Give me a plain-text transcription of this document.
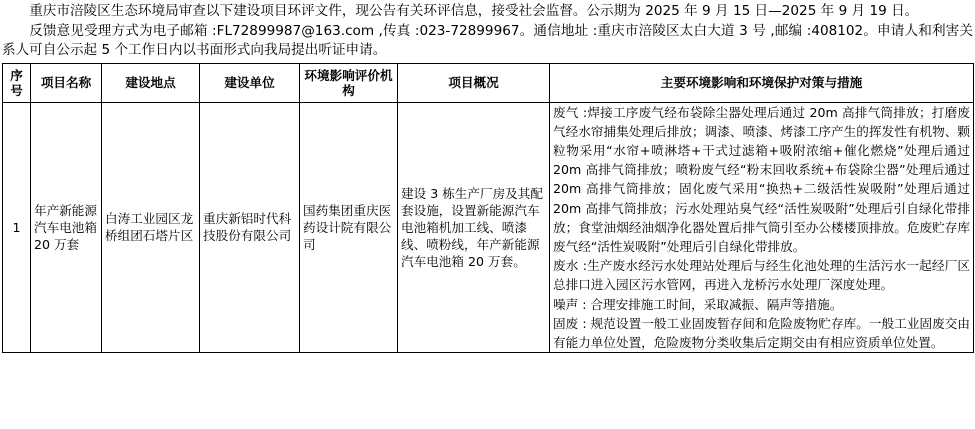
重庆市涪陵区生态环境局审查以下建设项目环评文件，现公告有关环评信息，接受社会监督。公示期为 2025 年 9 月 15 日—2025 年 9 月 19 日。

反馈意见受理方式为电子邮箱 :FL72899987@163.com ,传真 :023-72899967。通信地址 :重庆市涪陵区太白大道 3 号 ,邮编 :408102。申请人和利害关系人可自公示起 5 个工作日内以书面形式向我局提出听证申请。

序号	项目名称	建设地点	建设单位	环境影响评价机构	项目概况	主要环境影响和环境保护对策与措施
1	年产新能源汽车电池箱 20 万套	白涛工业园区龙桥组团石塔片区	重庆新铝时代科技股份有限公司	国药集团重庆医药设计院有限公司	建设 3 栋生产厂房及其配套设施，设置新能源汽车电池箱机加工线、喷漆线、喷粉线，年产新能源汽车电池箱 20 万套。	废气 :焊接工序废气经布袋除尘器处理后通过 20m 高排气筒排放；打磨废气经水帘捕集处理后排放；调漆、喷漆、烤漆工序产生的挥发性有机物、颗粒物采用“水帘+喷淋塔+干式过滤箱+吸附浓缩+催化燃烧”处理后通过 20m 高排气筒排放；喷粉废气经“粉末回收系统+布袋除尘器”处理后通过 20m 高排气筒排放；固化废气采用“换热+二级活性炭吸附”处理后通过 20m 高排气筒排放；污水处理站臭气经“活性炭吸附”处理后引自绿化带排放；食堂油烟经油烟净化器处置后排气筒引至办公楼楼顶排放。危废贮存库废气经“活性炭吸附”处理后引自绿化带排放。

废水 :生产废水经污水处理站处理后与经生化池处理的生活污水一起经厂区总排口进入园区污水管网，再进入龙桥污水处理厂深度处理。

噪声 : 合理安排施工时间，采取减振、隔声等措施。

固废 : 规范设置一般工业固废暂存间和危险废物贮存库。一般工业固废交由有能力单位处置，危险废物分类收集后定期交由有相应资质单位处置。
